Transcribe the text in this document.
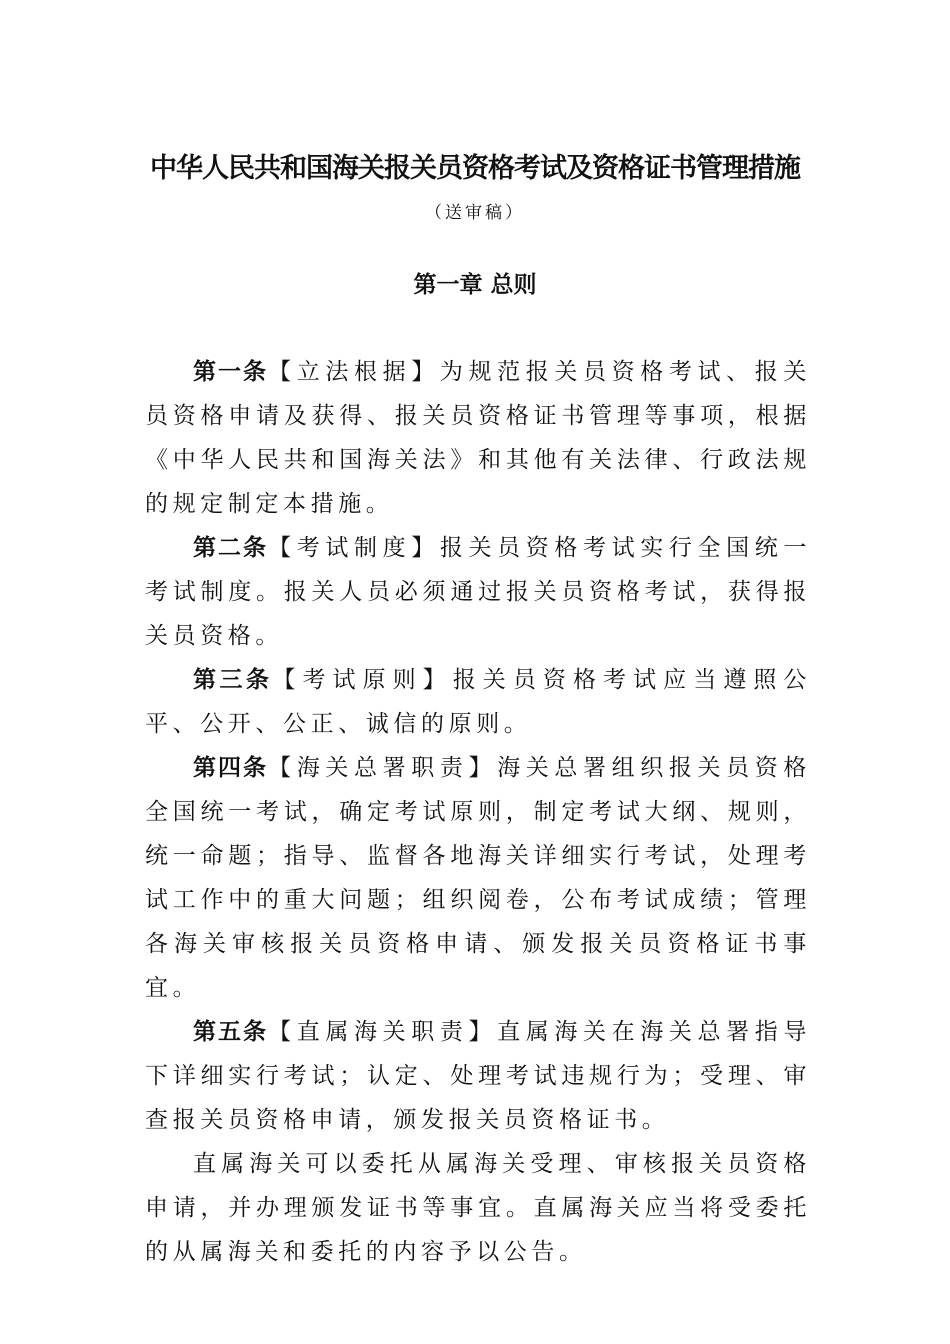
中华人民共和国海关报关员资格考试及资格证书管理措施
（送审稿）
第一章 总则

第一条【立法根据】为规范报关员资格考试、报关员资格申请及获得、报关员资格证书管理等事项，根据《中华人民共和国海关法》和其他有关法律、行政法规的规定制定本措施。

第二条【考试制度】报关员资格考试实行全国统一考试制度。报关人员必须通过报关员资格考试，获得报关员资格。

第三条【考试原则】报关员资格考试应当遵照公平、公开、公正、诚信的原则。

第四条【海关总署职责】海关总署组织报关员资格全国统一考试，确定考试原则，制定考试大纲、规则，统一命题；指导、监督各地海关详细实行考试，处理考试工作中的重大问题；组织阅卷，公布考试成绩；管理各海关审核报关员资格申请、颁发报关员资格证书事宜。

第五条【直属海关职责】直属海关在海关总署指导下详细实行考试；认定、处理考试违规行为；受理、审查报关员资格申请，颁发报关员资格证书。

直属海关可以委托从属海关受理、审核报关员资格申请，并办理颁发证书等事宜。直属海关应当将受委托的从属海关和委托的内容予以公告。
